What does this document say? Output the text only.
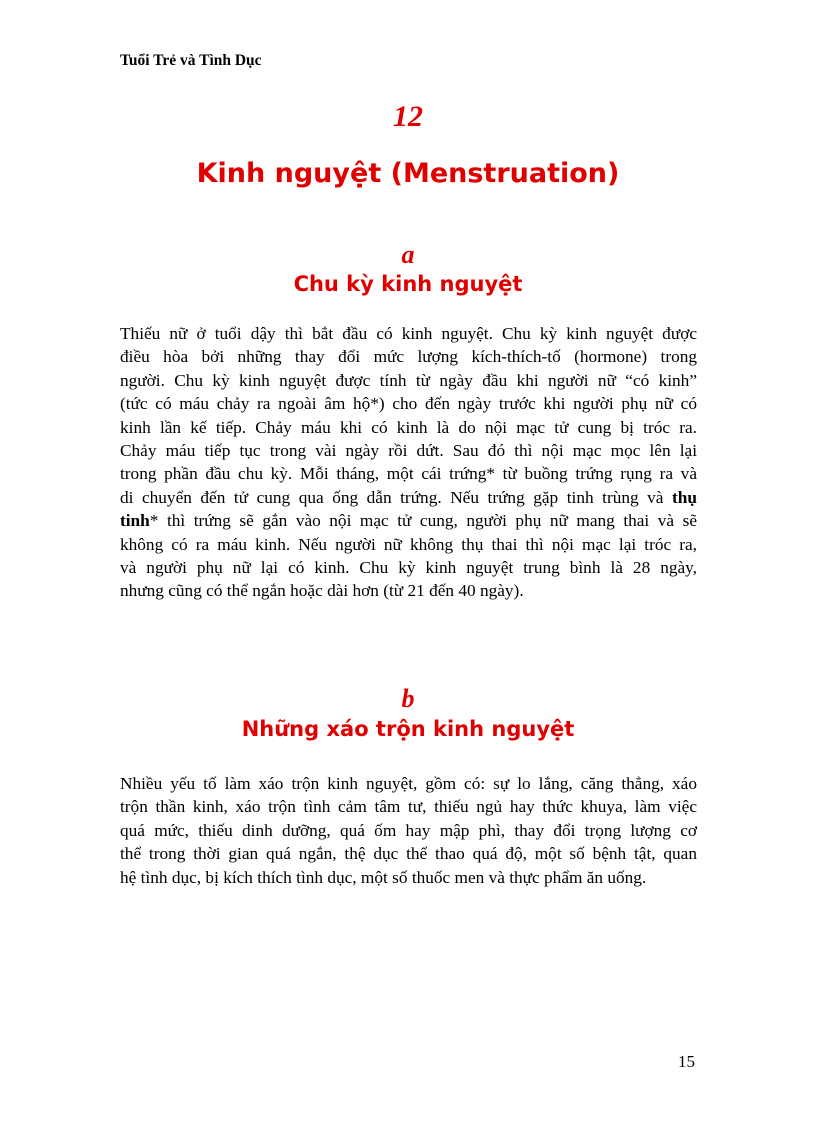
Tuổi Trẻ và Tình Dục
12
Kinh nguyệt (Menstruation)
a
Chu kỳ kinh nguyệt
Thiếu nữ ở tuổi dậy thì bắt đầu có kinh nguyệt. Chu kỳ kinh nguyệt được
điều hòa bởi những thay đổi mức lượng kích-thích-tố (hormone) trong
người. Chu kỳ kinh nguyệt được tính từ ngày đầu khi người nữ “có kinh”
(tức có máu chảy ra ngoài âm hộ*) cho đến ngày trước khi người phụ nữ có
kinh lần kế tiếp. Chảy máu khi có kinh là do nội mạc tử cung bị tróc ra.
Chảy máu tiếp tục trong vài ngày rồi dứt. Sau đó thì nội mạc mọc lên lại
trong phần đầu chu kỳ. Mỗi tháng, một cái trứng* từ buồng trứng rụng ra và
di chuyển đến tử cung qua ống dẫn trứng. Nếu trứng gặp tinh trùng và thụ
tinh* thì trứng sẽ gắn vào nội mạc tử cung, người phụ nữ mang thai và sẽ
không có ra máu kinh. Nếu người nữ không thụ thai thì nội mạc lại tróc ra,
và người phụ nữ lại có kinh. Chu kỳ kinh nguyệt trung bình là 28 ngày,
nhưng cũng có thể ngắn hoặc dài hơn (từ 21 đến 40 ngày).
b
Những xáo trộn kinh nguyệt
Nhiều yếu tố làm xáo trộn kinh nguyệt, gồm có: sự lo lắng, căng thẳng, xáo
trộn thần kinh, xáo trộn tình cảm tâm tư, thiếu ngủ hay thức khuya, làm việc
quá mức, thiếu dinh dưỡng, quá ốm hay mập phì, thay đổi trọng lượng cơ
thể trong thời gian quá ngắn, thệ dục thể thao quá độ, một số bệnh tật, quan
hệ tình dục, bị kích thích tình dục, một số thuốc men và thực phẩm ăn uống.
15
